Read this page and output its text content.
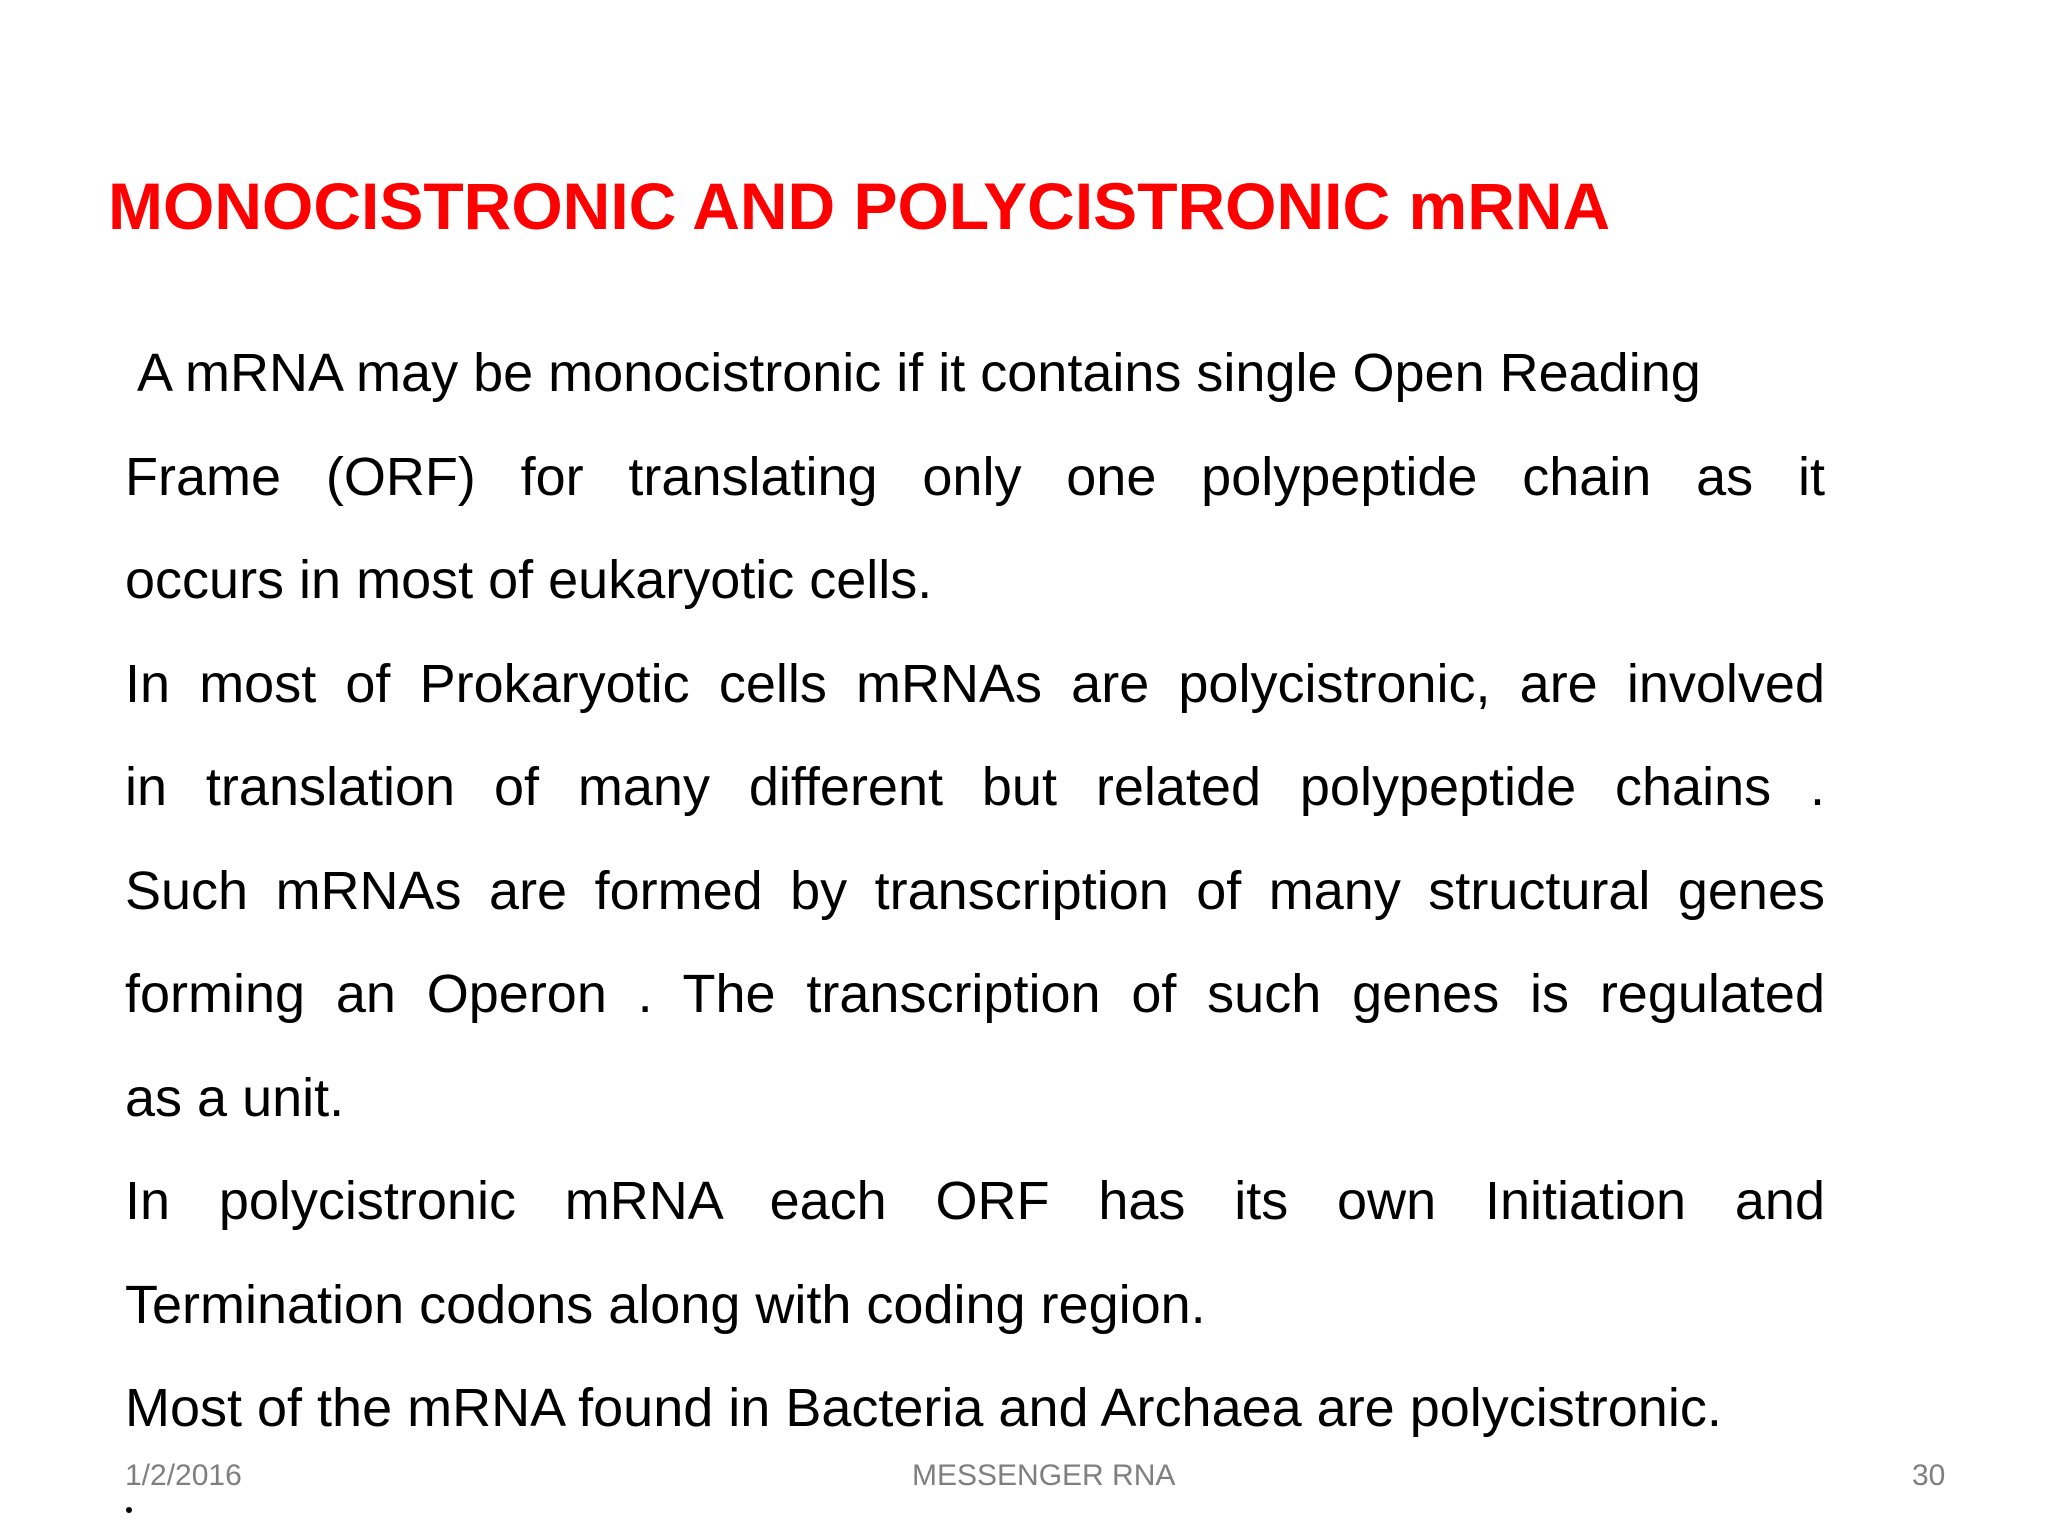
MONOCISTRONIC AND POLYCISTRONIC mRNA
A mRNA may be monocistronic if it contains single Open Reading
Frame (ORF) for translating only one polypeptide chain as it
occurs in most of eukaryotic cells.
In most of Prokaryotic cells mRNAs are polycistronic, are involved
in translation of many different but related polypeptide chains .
Such mRNAs are formed by transcription of many structural genes
forming an Operon . The transcription of such genes is regulated
as a unit.
In polycistronic mRNA each ORF has its own Initiation and
Termination codons along with coding region.
Most of the mRNA found in Bacteria and Archaea are polycistronic.
1/2/2016	MESSENGER RNA	30
